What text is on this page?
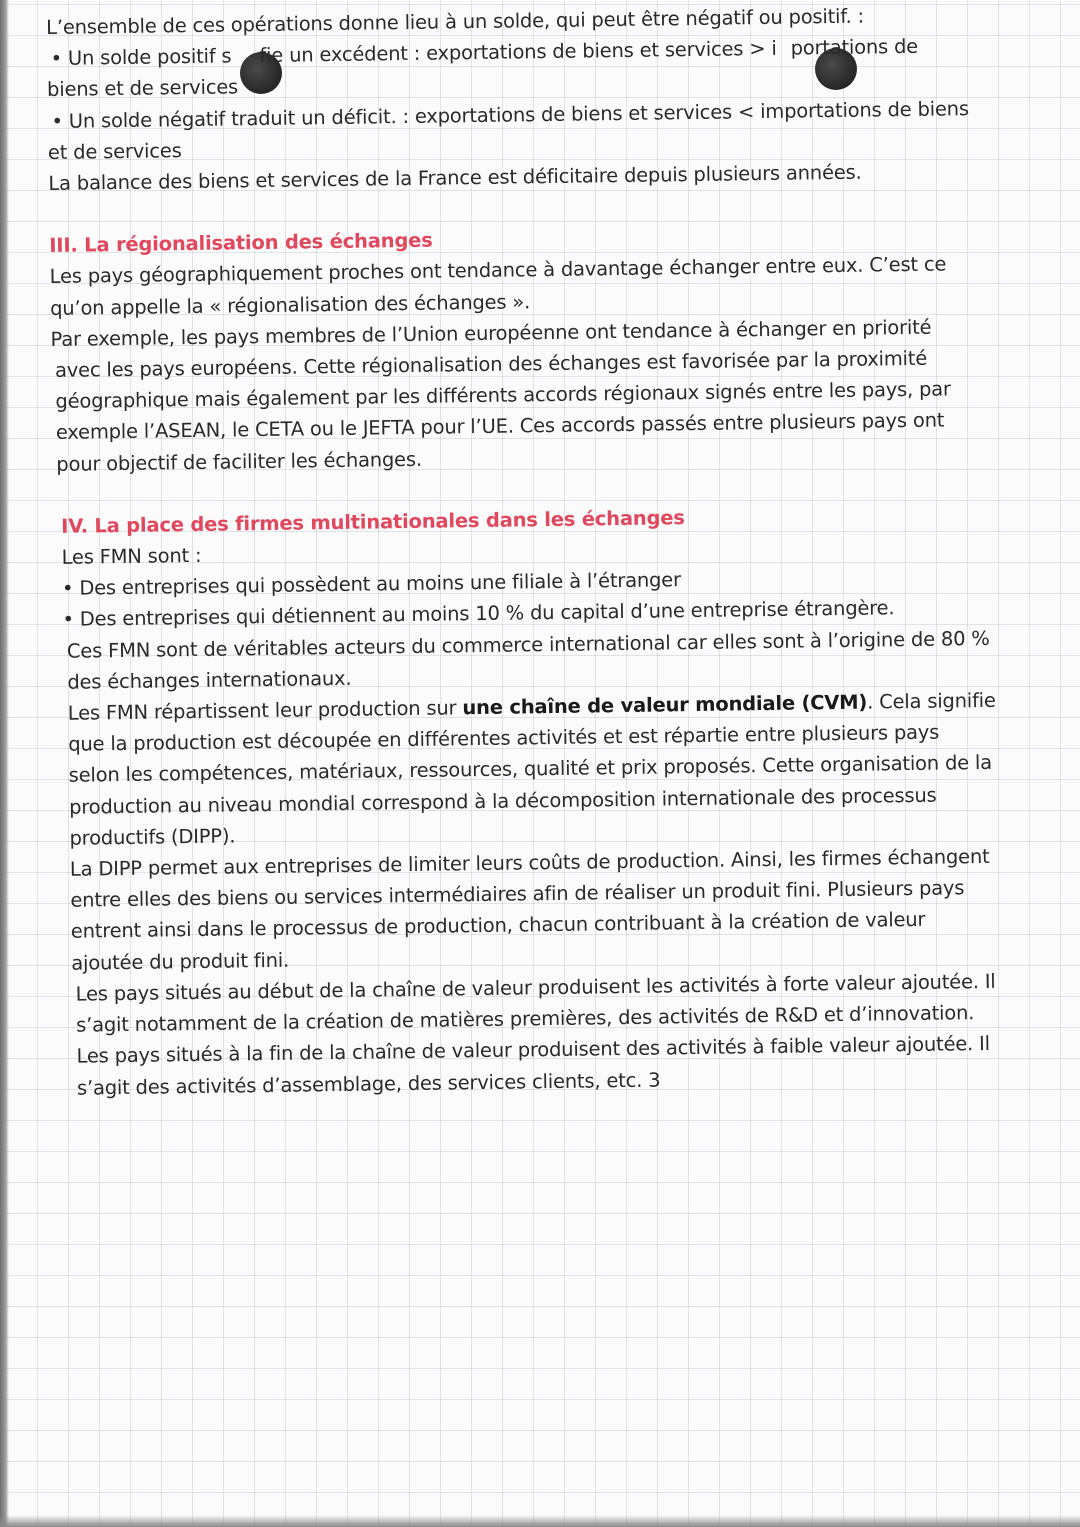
L’ensemble de ces opérations donne lieu à un solde, qui peut être négatif ou positif. :
• Un solde positif s fie un excédent : exportations de biens et services > i portations de
biens et de services
• Un solde négatif traduit un déficit. : exportations de biens et services < importations de biens
et de services
La balance des biens et services de la France est déficitaire depuis plusieurs années.
III. La régionalisation des échanges
Les pays géographiquement proches ont tendance à davantage échanger entre eux. C’est ce
qu’on appelle la « régionalisation des échanges ».
Par exemple, les pays membres de l’Union européenne ont tendance à échanger en priorité
avec les pays européens. Cette régionalisation des échanges est favorisée par la proximité
géographique mais également par les différents accords régionaux signés entre les pays, par
exemple l’ASEAN, le CETA ou le JEFTA pour l’UE. Ces accords passés entre plusieurs pays ont
pour objectif de faciliter les échanges.
IV. La place des firmes multinationales dans les échanges
Les FMN sont :
• Des entreprises qui possèdent au moins une filiale à l’étranger
• Des entreprises qui détiennent au moins 10 % du capital d’une entreprise étrangère.
Ces FMN sont de véritables acteurs du commerce international car elles sont à l’origine de 80 %
des échanges internationaux.
Les FMN répartissent leur production sur une chaîne de valeur mondiale (CVM). Cela signifie
que la production est découpée en différentes activités et est répartie entre plusieurs pays
selon les compétences, matériaux, ressources, qualité et prix proposés. Cette organisation de la
production au niveau mondial correspond à la décomposition internationale des processus
productifs (DIPP).
La DIPP permet aux entreprises de limiter leurs coûts de production. Ainsi, les firmes échangent
entre elles des biens ou services intermédiaires afin de réaliser un produit fini. Plusieurs pays
entrent ainsi dans le processus de production, chacun contribuant à la création de valeur
ajoutée du produit fini.
Les pays situés au début de la chaîne de valeur produisent les activités à forte valeur ajoutée. Il
s’agit notamment de la création de matières premières, des activités de R&D et d’innovation.
Les pays situés à la fin de la chaîne de valeur produisent des activités à faible valeur ajoutée. Il
s’agit des activités d’assemblage, des services clients, etc. 3
